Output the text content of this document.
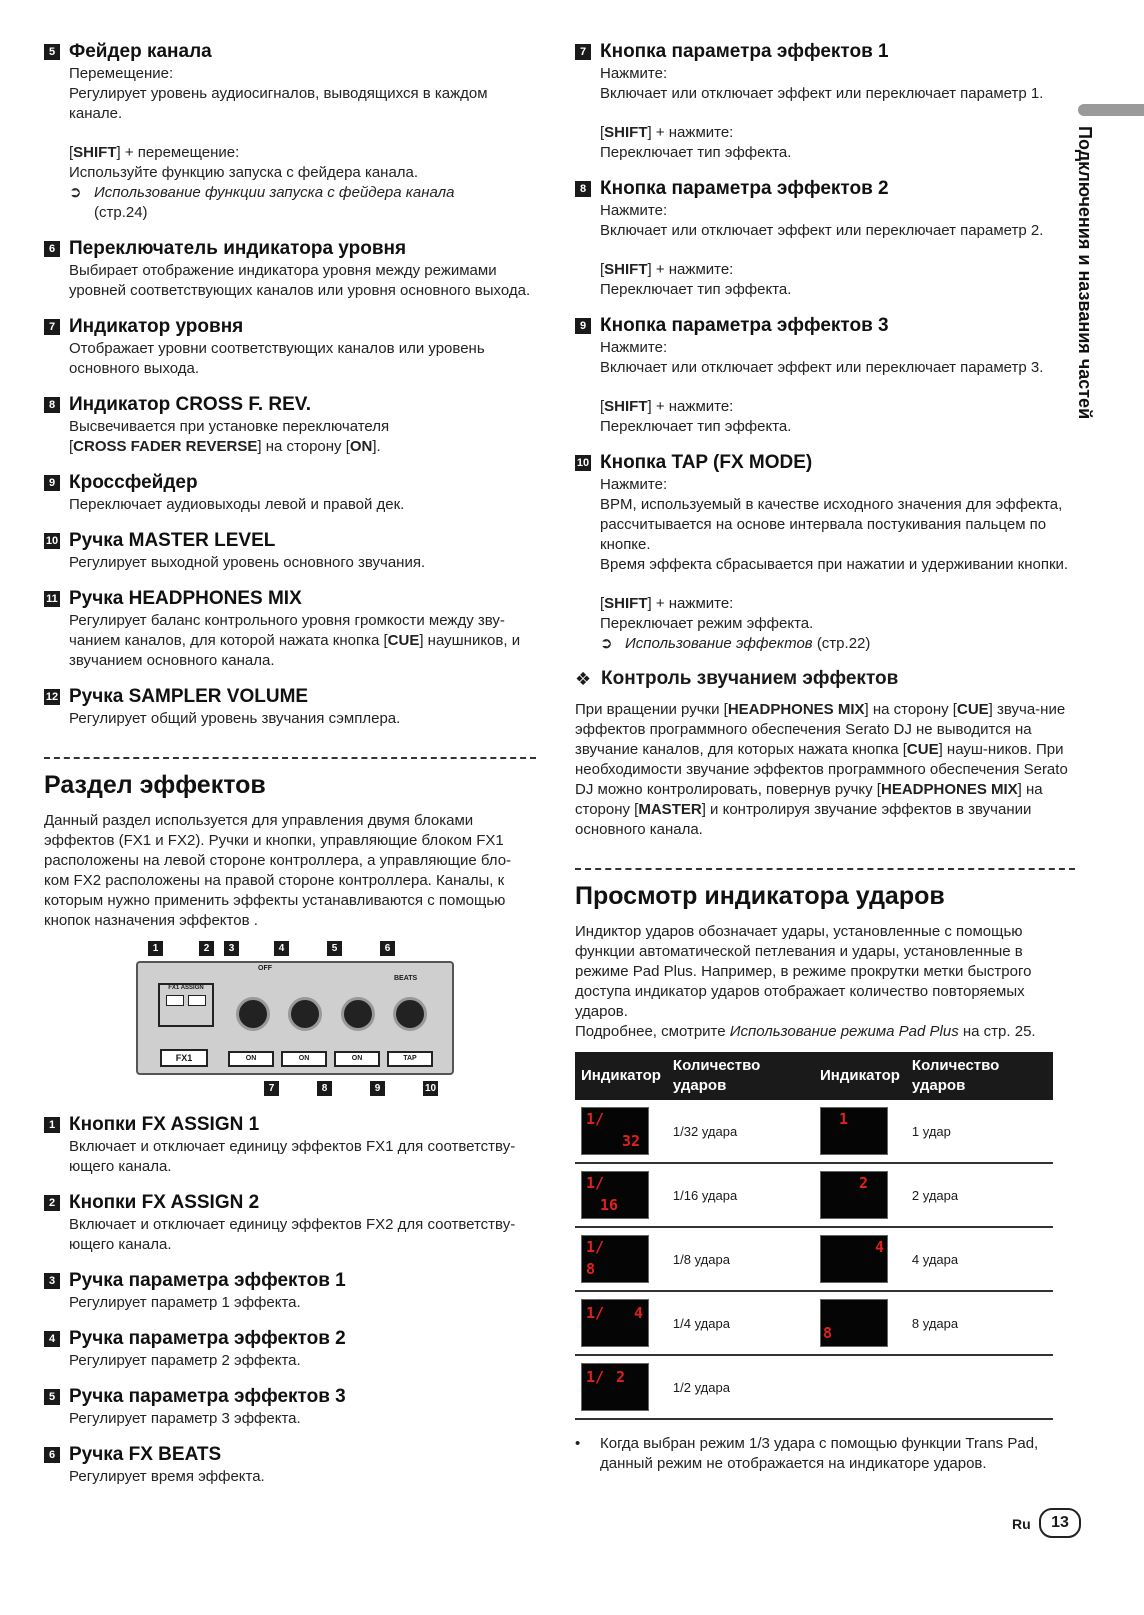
Подключения и названия частей
5 Фейдер канала

Перемещение:

Регулирует уровень аудиосигналов, выводящихся в каждом канале.

[SHIFT] + перемещение:

Используйте функцию запуска с фейдера канала.

➲ Использование функции запуска с фейдера канала
(стр.24)
6 Переключатель индикатора уровня

Выбирает отображение индикатора уровня между режимами уровней соответствующих каналов или уровня основного выхода.

7 Индикатор уровня

Отображает уровни соответствующих каналов или уровень основного выхода.

8 Индикатор CROSS F. REV.

Высвечивается при установке переключателя

[CROSS FADER REVERSE] на сторону [ON].

9 Кроссфейдер

Переключает аудиовыходы левой и правой дек.

10 Ручка MASTER LEVEL

Регулирует выходной уровень основного звучания.

11 Ручка HEADPHONES MIX

Регулирует баланс контрольного уровня громкости между зву-чанием каналов, для которой нажата кнопка [CUE] наушников, и звучанием основного канала.

12 Ручка SAMPLER VOLUME

Регулирует общий уровень звучания сэмплера.

Раздел эффектов

Данный раздел используется для управления двумя блоками эффектов (FX1 и FX2). Ручки и кнопки, управляющие блоком FX1 расположены на левой стороне контроллера, а управляющие бло-ком FX2 расположены на правой стороне контроллера. Каналы, к которым нужно применить эффекты устанавливаются с помощью кнопок назначения эффектов .

FX1 ASSIGN
OFF
BEATS
FX1	ON	ON	ON	TAP
1	2	3	4	5	6
7	8	9	10
1 Кнопки FX ASSIGN 1

Включает и отключает единицу эффектов FX1 для соответству-ющего канала.

2 Кнопки FX ASSIGN 2

Включает и отключает единицу эффектов FX2 для соответству-ющего канала.

3 Ручка параметра эффектов 1

Регулирует параметр 1 эффекта.

4 Ручка параметра эффектов 2

Регулирует параметр 2 эффекта.

5 Ручка параметра эффектов 3

Регулирует параметр 3 эффекта.

6 Ручка FX BEATS

Регулирует время эффекта.

7 Кнопка параметра эффектов 1

Нажмите:

Включает или отключает эффект или переключает параметр 1.

[SHIFT] + нажмите:

Переключает тип эффекта.

8 Кнопка параметра эффектов 2

Нажмите:

Включает или отключает эффект или переключает параметр 2.

[SHIFT] + нажмите:

Переключает тип эффекта.

9 Кнопка параметра эффектов 3

Нажмите:

Включает или отключает эффект или переключает параметр 3.

[SHIFT] + нажмите:

Переключает тип эффекта.

10 Кнопка TAP (FX MODE)

Нажмите:

BPM, используемый в качестве исходного значения для эффекта, рассчитывается на основе интервала постукивания пальцем по кнопке.

Время эффекта сбрасывается при нажатии и удерживании кнопки.

[SHIFT] + нажмите:

Переключает режим эффекта.

➲ Использование эффектов (стр.22)
❖ Контроль звучанием эффектов

При вращении ручки [HEADPHONES MIX] на сторону [CUE] звуча-ние эффектов программного обеспечения Serato DJ не выводится на звучание каналов, для которых нажата кнопка [CUE] науш-ников. При необходимости звучание эффектов программного обеспечения Serato DJ можно контролировать, повернув ручку [HEADPHONES MIX] на сторону [MASTER] и контролируя звучание эффектов в звучании основного канала.

Просмотр индикатора ударов

Индиктор ударов обозначает удары, установленные с помощью функции автоматической петлевания и удары, установленные в режиме Pad Plus. Например, в режиме прокрутки метки быстрого доступа индикатор ударов отображает количество повторяемых ударов.

Подробнее, смотрите Использование режима Pad Plus на стр. 25.

Индикатор	Количество ударов	Индикатор	Количество ударов

1/
32	1/32 удара	1	1 удар

1/
16	1/16 удара	2	2 удара

1/
8	1/8 удара	4	4 удара

1/ 4	1/4 удара	8	8 удара

1/ 2	1/2 удара		
•	Когда выбран режим 1/3 удара с помощью функции Trans Pad, данный режим не отображается на индикаторе ударов.
Ru	13
